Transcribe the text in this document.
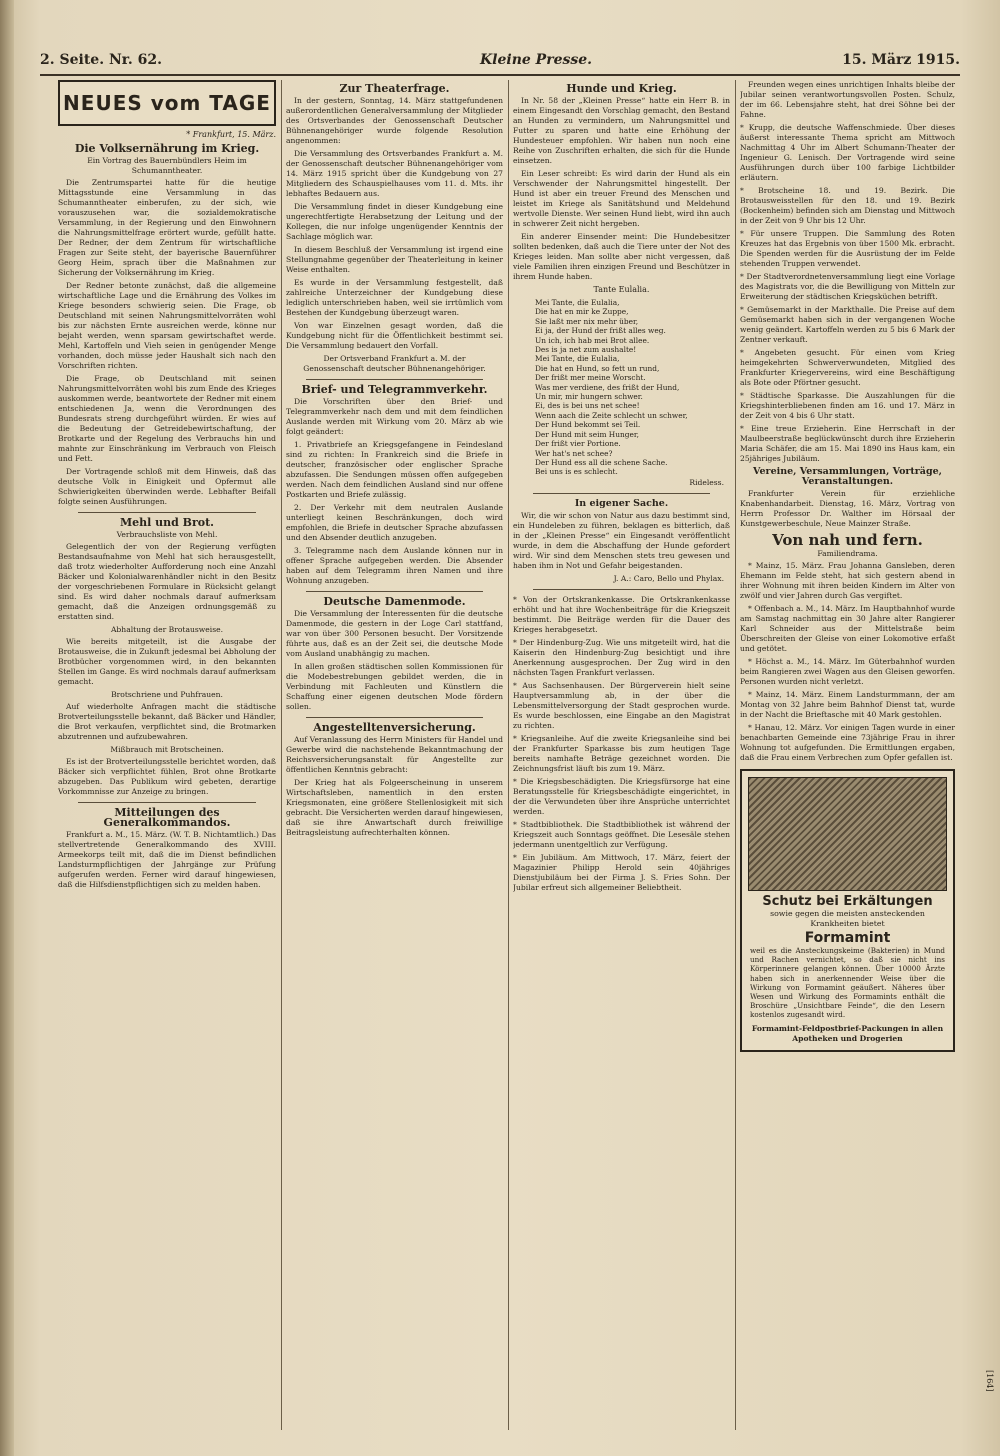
2. Seite. Nr. 62.	Kleine Presse.	15. März 1915.
NEUES vom TAGE
* Frankfurt, 15. März.
Die Volksernährung im Krieg.
Ein Vortrag des Bauernbündlers Heim im Schumanntheater.

Die Zentrumspartei hatte für die heutige Mittagsstunde eine Versammlung in das Schumanntheater einberufen, zu der sich, wie vorauszusehen war, die sozialdemokratische Versammlung, in der Regierung und den Einwohnern die Nahrungsmittelfrage erörtert wurde, gefüllt hatte. Der Redner, der dem Zentrum für wirtschaftliche Fragen zur Seite steht, der bayerische Bauernführer Georg Heim, sprach über die Maßnahmen zur Sicherung der Volksernährung im Krieg.

Der Redner betonte zunächst, daß die allgemeine wirtschaftliche Lage und die Ernährung des Volkes im Kriege besonders schwierig seien. Die Frage, ob Deutschland mit seinen Nahrungsmittelvorräten wohl bis zur nächsten Ernte ausreichen werde, könne nur bejaht werden, wenn sparsam gewirtschaftet werde. Mehl, Kartoffeln und Vieh seien in genügender Menge vorhanden, doch müsse jeder Haushalt sich nach den Vorschriften richten.

Die Frage, ob Deutschland mit seinen Nahrungsmittelvorräten wohl bis zum Ende des Krieges auskommen werde, beantwortete der Redner mit einem entschiedenen Ja, wenn die Verordnungen des Bundesrats streng durchgeführt würden. Er wies auf die Bedeutung der Getreidebewirtschaftung, der Brotkarte und der Regelung des Verbrauchs hin und mahnte zur Einschränkung im Verbrauch von Fleisch und Fett.

Der Vortragende schloß mit dem Hinweis, daß das deutsche Volk in Einigkeit und Opfermut alle Schwierigkeiten überwinden werde. Lebhafter Beifall folgte seinen Ausführungen.

Mehl und Brot.
Verbrauchsliste von Mehl.

Gelegentlich der von der Regierung verfügten Bestandsaufnahme von Mehl hat sich herausgestellt, daß trotz wiederholter Aufforderung noch eine Anzahl Bäcker und Kolonialwarenhändler nicht in den Besitz der vorgeschriebenen Formulare in Rücksicht gelangt sind. Es wird daher nochmals darauf aufmerksam gemacht, daß die Anzeigen ordnungsgemäß zu erstatten sind.

Abhaltung der Brotausweise.

Wie bereits mitgeteilt, ist die Ausgabe der Brotausweise, die in Zukunft jedesmal bei Abholung der Brotbücher vorgenommen wird, in den bekannten Stellen im Gange. Es wird nochmals darauf aufmerksam gemacht.

Brotschriene und Puhfrauen.

Auf wiederholte Anfragen macht die städtische Brotverteilungsstelle bekannt, daß Bäcker und Händler, die Brot verkaufen, verpflichtet sind, die Brotmarken abzutrennen und aufzubewahren.

Mißbrauch mit Brotscheinen.

Es ist der Brotverteilungsstelle berichtet worden, daß Bäcker sich verpflichtet fühlen, Brot ohne Brotkarte abzugeben. Das Publikum wird gebeten, derartige Vorkommnisse zur Anzeige zu bringen.

Mitteilungen des Generalkommandos.

Frankfurt a. M., 15. März. (W. T. B. Nichtamtlich.) Das stellvertretende Generalkommando des XVIII. Armeekorps teilt mit, daß die im Dienst befindlichen Landsturmpflichtigen der Jahrgänge zur Prüfung aufgerufen werden. Ferner wird darauf hingewiesen, daß die Hilfsdienstpflichtigen sich zu melden haben.

Zur Theaterfrage.

In der gestern, Sonntag, 14. März stattgefundenen außerordentlichen Generalversammlung der Mitglieder des Ortsverbandes der Genossenschaft Deutscher Bühnenangehöriger wurde folgende Resolution angenommen:

Die Versammlung des Ortsverbandes Frankfurt a. M. der Genossenschaft deutscher Bühnenangehöriger vom 14. März 1915 spricht über die Kundgebung von 27 Mitgliedern des Schauspielhauses vom 11. d. Mts. ihr lebhaftes Bedauern aus.

Die Versammlung findet in dieser Kundgebung eine ungerechtfertigte Herabsetzung der Leitung und der Kollegen, die nur infolge ungenügender Kenntnis der Sachlage möglich war.

In diesem Beschluß der Versammlung ist irgend eine Stellungnahme gegenüber der Theaterleitung in keiner Weise enthalten.

Es wurde in der Versammlung festgestellt, daß zahlreiche Unterzeichner der Kundgebung diese lediglich unterschrieben haben, weil sie irrtümlich vom Bestehen der Kundgebung überzeugt waren.

Von war Einzelnen gesagt worden, daß die Kundgebung nicht für die Öffentlichkeit bestimmt sei. Die Versammlung bedauert den Vorfall.

Der Ortsverband Frankfurt a. M. der Genossenschaft deutscher Bühnenangehöriger.
Brief- und Telegrammverkehr.

Die Vorschriften über den Brief- und Telegrammverkehr nach dem und mit dem feindlichen Auslande werden mit Wirkung vom 20. März ab wie folgt geändert:

1. Privatbriefe an Kriegsgefangene in Feindesland sind zu richten: In Frankreich sind die Briefe in deutscher, französischer oder englischer Sprache abzufassen. Die Sendungen müssen offen aufgegeben werden. Nach dem feindlichen Ausland sind nur offene Postkarten und Briefe zulässig.

2. Der Verkehr mit dem neutralen Auslande unterliegt keinen Beschränkungen, doch wird empfohlen, die Briefe in deutscher Sprache abzufassen und den Absender deutlich anzugeben.

3. Telegramme nach dem Auslande können nur in offener Sprache aufgegeben werden. Die Absender haben auf dem Telegramm ihren Namen und ihre Wohnung anzugeben.

Deutsche Damenmode.

Die Versammlung der Interessenten für die deutsche Damenmode, die gestern in der Loge Carl stattfand, war von über 300 Personen besucht. Der Vorsitzende führte aus, daß es an der Zeit sei, die deutsche Mode vom Ausland unabhängig zu machen.

In allen großen städtischen sollen Kommissionen für die Modebestrebungen gebildet werden, die in Verbindung mit Fachleuten und Künstlern die Schaffung einer eigenen deutschen Mode fördern sollen.

Angestelltenversicherung.

Auf Veranlassung des Herrn Ministers für Handel und Gewerbe wird die nachstehende Bekanntmachung der Reichsversicherungsanstalt für Angestellte zur öffentlichen Kenntnis gebracht:

Der Krieg hat als Folgeerscheinung in unserem Wirtschaftsleben, namentlich in den ersten Kriegsmonaten, eine größere Stellenlosigkeit mit sich gebracht. Die Versicherten werden darauf hingewiesen, daß sie ihre Anwartschaft durch freiwillige Beitragsleistung aufrechterhalten können.

Hunde und Krieg.

In Nr. 58 der „Kleinen Presse“ hatte ein Herr B. in einem Eingesandt den Vorschlag gemacht, den Bestand an Hunden zu vermindern, um Nahrungsmittel und Futter zu sparen und hatte eine Erhöhung der Hundesteuer empfohlen. Wir haben nun noch eine Reihe von Zuschriften erhalten, die sich für die Hunde einsetzen.

Ein Leser schreibt: Es wird darin der Hund als ein Verschwender der Nahrungsmittel hingestellt. Der Hund ist aber ein treuer Freund des Menschen und leistet im Kriege als Sanitätshund und Meldehund wertvolle Dienste. Wer seinen Hund liebt, wird ihn auch in schwerer Zeit nicht hergeben.

Ein anderer Einsender meint: Die Hundebesitzer sollten bedenken, daß auch die Tiere unter der Not des Krieges leiden. Man sollte aber nicht vergessen, daß viele Familien ihren einzigen Freund und Beschützer in ihrem Hunde haben.

Tante Eulalia.
Mei Tante, die Eulalia,
Die hat en mir ke Zuppe,
Sie laßt mer nix mehr über,
Ei ja, der Hund der frißt alles weg.
Un ich, ich hab mei Brot allee.
Des is ja net zum aushalte!
Mei Tante, die Eulalia,
Die hat en Hund, so fett un rund,
Der frißt mer meine Worscht.
Was mer verdiene, des frißt der Hund,
Un mir, mir hungern schwer.
Ei, des is bei uns net schee!
Wenn aach die Zeite schlecht un schwer,
Der Hund bekommt sei Teil.
Der Hund mit seim Hunger,
Der frißt vier Portione.
Wer hat's net schee?
Der Hund ess all die schene Sache.
Bei uns is es schlecht.
Rideless.
In eigener Sache.

Wir, die wir schon von Natur aus dazu bestimmt sind, ein Hundeleben zu führen, beklagen es bitterlich, daß in der „Kleinen Presse“ ein Eingesandt veröffentlicht wurde, in dem die Abschaffung der Hunde gefordert wird. Wir sind dem Menschen stets treu gewesen und haben ihm in Not und Gefahr beigestanden.

J. A.: Caro, Bello und Phylax.

* Von der Ortskrankenkasse. Die Ortskrankenkasse erhöht und hat ihre Wochenbeiträge für die Kriegszeit bestimmt. Die Beiträge werden für die Dauer des Krieges herabgesetzt.

* Der Hindenburg-Zug. Wie uns mitgeteilt wird, hat die Kaiserin den Hindenburg-Zug besichtigt und ihre Anerkennung ausgesprochen. Der Zug wird in den nächsten Tagen Frankfurt verlassen.

* Aus Sachsenhausen. Der Bürgerverein hielt seine Hauptversammlung ab, in der über die Lebensmittelversorgung der Stadt gesprochen wurde. Es wurde beschlossen, eine Eingabe an den Magistrat zu richten.

* Kriegsanleihe. Auf die zweite Kriegsanleihe sind bei der Frankfurter Sparkasse bis zum heutigen Tage bereits namhafte Beträge gezeichnet worden. Die Zeichnungsfrist läuft bis zum 19. März.

* Die Kriegsbeschädigten. Die Kriegsfürsorge hat eine Beratungsstelle für Kriegsbeschädigte eingerichtet, in der die Verwundeten über ihre Ansprüche unterrichtet werden.

* Stadtbibliothek. Die Stadtbibliothek ist während der Kriegszeit auch Sonntags geöffnet. Die Lesesäle stehen jedermann unentgeltlich zur Verfügung.

* Ein Jubiläum. Am Mittwoch, 17. März, feiert der Magazinier Philipp Herold sein 40jähriges Dienstjubiläum bei der Firma J. S. Fries Sohn. Der Jubilar erfreut sich allgemeiner Beliebtheit.

Freunden wegen eines unrichtigen Inhalts bleibe der Jubilar seinen verantwortungsvollen Posten. Schulz, der im 66. Lebensjahre steht, hat drei Söhne bei der Fahne.

* Krupp, die deutsche Waffenschmiede. Über dieses äußerst interessante Thema spricht am Mittwoch Nachmittag 4 Uhr im Albert Schumann-Theater der Ingenieur G. Lenisch. Der Vortragende wird seine Ausführungen durch über 100 farbige Lichtbilder erläutern.

* Brotscheine 18. und 19. Bezirk. Die Brotausweisstellen für den 18. und 19. Bezirk (Bockenheim) befinden sich am Dienstag und Mittwoch in der Zeit von 9 Uhr bis 12 Uhr.

* Für unsere Truppen. Die Sammlung des Roten Kreuzes hat das Ergebnis von über 1500 Mk. erbracht. Die Spenden werden für die Ausrüstung der im Felde stehenden Truppen verwendet.

* Der Stadtverordnetenversammlung liegt eine Vorlage des Magistrats vor, die die Bewilligung von Mitteln zur Erweiterung der städtischen Kriegsküchen betrifft.

* Gemüsemarkt in der Markthalle. Die Preise auf dem Gemüsemarkt haben sich in der vergangenen Woche wenig geändert. Kartoffeln werden zu 5 bis 6 Mark der Zentner verkauft.

* Angebeten gesucht. Für einen vom Krieg heimgekehrten Schwerverwundeten, Mitglied des Frankfurter Kriegervereins, wird eine Beschäftigung als Bote oder Pförtner gesucht.

* Städtische Sparkasse. Die Auszahlungen für die Kriegshinterbliebenen finden am 16. und 17. März in der Zeit von 4 bis 6 Uhr statt.

* Eine treue Erzieherin. Eine Herrschaft in der Maulbeerstraße beglückwünscht durch ihre Erzieherin Maria Schäfer, die am 15. Mai 1890 ins Haus kam, ein 25jähriges Jubiläum.

Vereine, Versammlungen, Vorträge, Veranstaltungen.

Frankfurter Verein für erziehliche Knabenhandarbeit. Dienstag, 16. März, Vortrag von Herrn Professor Dr. Walther im Hörsaal der Kunstgewerbeschule, Neue Mainzer Straße.

Von nah und fern.
Familiendrama.

* Mainz, 15. März. Frau Johanna Gansleben, deren Ehemann im Felde steht, hat sich gestern abend in ihrer Wohnung mit ihren beiden Kindern im Alter von zwölf und vier Jahren durch Gas vergiftet.

* Offenbach a. M., 14. März. Im Hauptbahnhof wurde am Samstag nachmittag ein 30 Jahre alter Rangierer Karl Schneider aus der Mittelstraße beim Überschreiten der Gleise von einer Lokomotive erfaßt und getötet.

* Höchst a. M., 14. März. Im Güterbahnhof wurden beim Rangieren zwei Wagen aus den Gleisen geworfen. Personen wurden nicht verletzt.

* Mainz, 14. März. Einem Landsturmmann, der am Montag von 32 Jahre beim Bahnhof Dienst tat, wurde in der Nacht die Brieftasche mit 40 Mark gestohlen.

* Hanau, 12. März. Vor einigen Tagen wurde in einer benachbarten Gemeinde eine 73jährige Frau in ihrer Wohnung tot aufgefunden. Die Ermittlungen ergaben, daß die Frau einem Verbrechen zum Opfer gefallen ist.

Schutz bei Erkältungen
sowie gegen die meisten ansteckenden Krankheiten bietet
Formamint
weil es die Ansteckungskeime (Bakterien) in Mund und Rachen vernichtet, so daß sie nicht ins Körperinnere gelangen können. Über 10000 Ärzte haben sich in anerkennender Weise über die Wirkung von Formamint geäußert. Näheres über Wesen und Wirkung des Formamints enthält die Broschüre „Unsichtbare Feinde“, die den Lesern kostenlos zugesandt wird.
Formamint-Feldpostbrief-Packungen in allen Apotheken und Drogerien
[164]
